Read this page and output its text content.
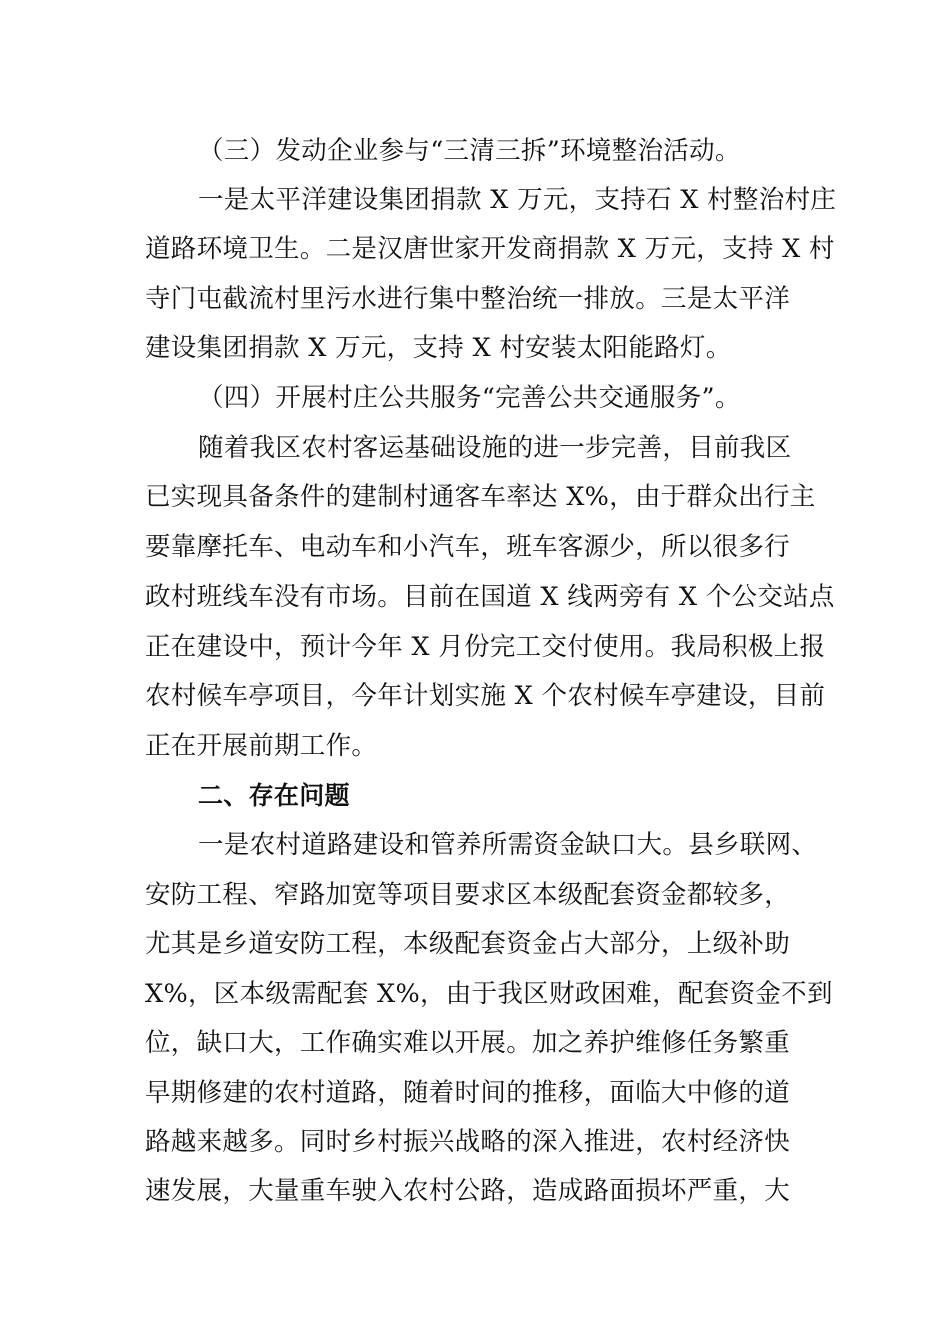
（三）发动企业参与“三清三拆”环境整治活动。
一是太平洋建设集团捐款 X 万元，支持石 X 村整治村庄
道路环境卫生。二是汉唐世家开发商捐款 X 万元，支持 X 村
寺门屯截流村里污水进行集中整治统一排放。三是太平洋
建设集团捐款 X 万元，支持 X 村安装太阳能路灯。
（四）开展村庄公共服务“完善公共交通服务”。
随着我区农村客运基础设施的进一步完善，目前我区
已实现具备条件的建制村通客车率达 X%，由于群众出行主
要靠摩托车、电动车和小汽车，班车客源少，所以很多行
政村班线车没有市场。目前在国道 X 线两旁有 X 个公交站点
正在建设中，预计今年 X 月份完工交付使用。我局积极上报
农村候车亭项目，今年计划实施 X 个农村候车亭建设，目前
正在开展前期工作。
二、存在问题
一是农村道路建设和管养所需资金缺口大。县乡联网、
安防工程、窄路加宽等项目要求区本级配套资金都较多，
尤其是乡道安防工程，本级配套资金占大部分，上级补助
X%，区本级需配套 X%，由于我区财政困难，配套资金不到
位，缺口大，工作确实难以开展。加之养护维修任务繁重
早期修建的农村道路，随着时间的推移，面临大中修的道
路越来越多。同时乡村振兴战略的深入推进，农村经济快
速发展，大量重车驶入农村公路，造成路面损坏严重，大
